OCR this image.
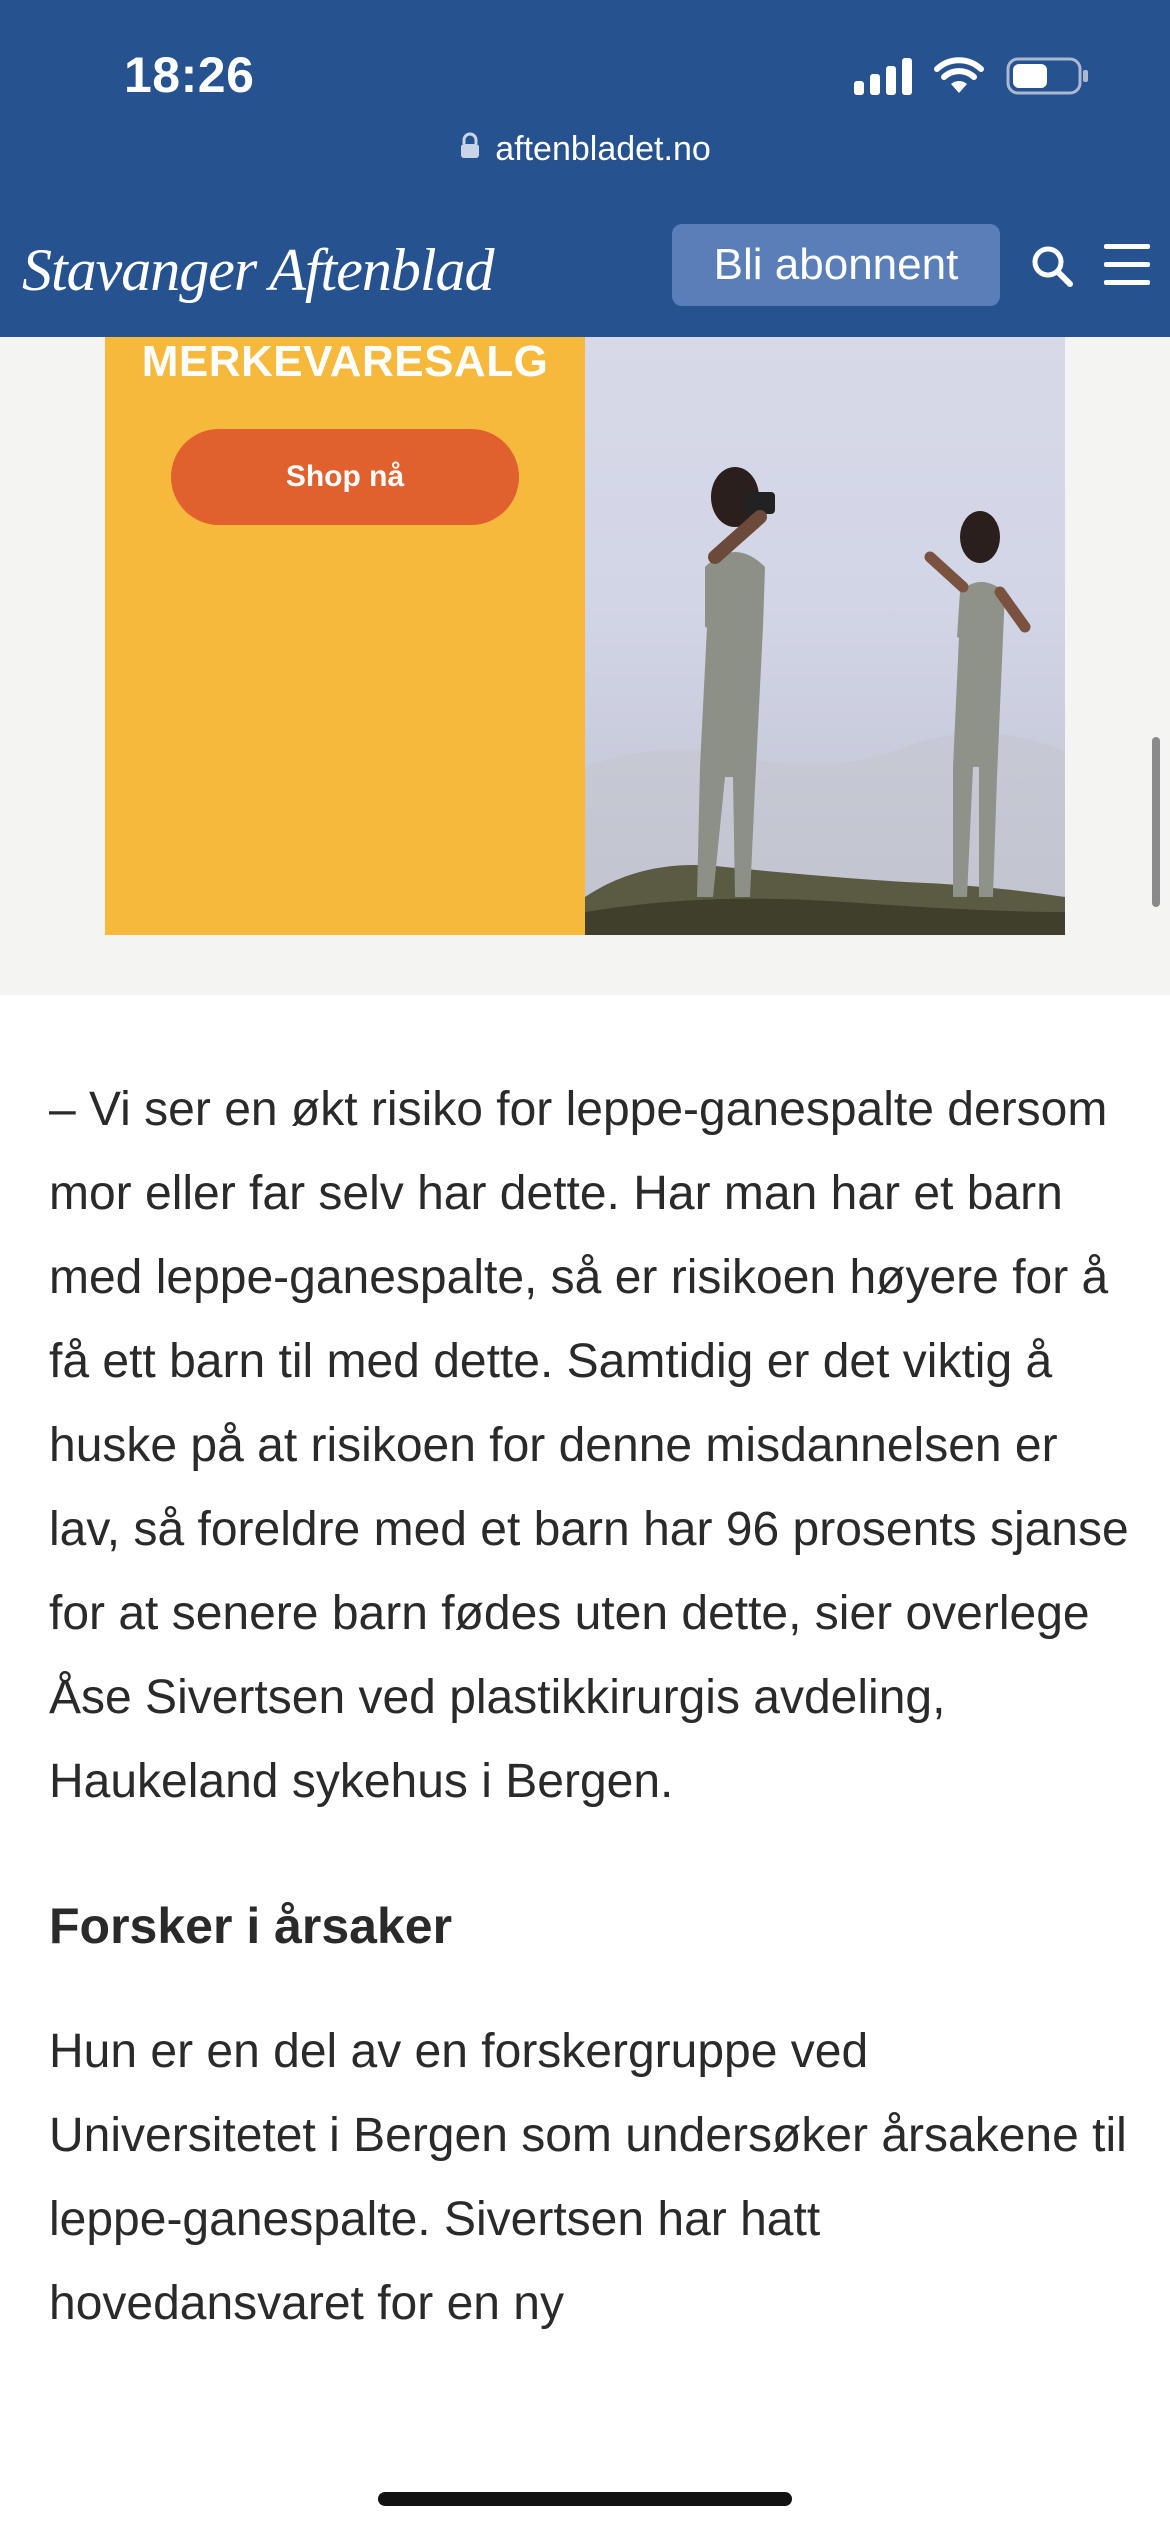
18:26
aftenbladet.no
Stavanger Aftenblad	Bli abonnent
MERKEVARESALG
Shop nå

– Vi ser en økt risiko for leppe-ganespalte dersom mor eller far selv har dette. Har man har et barn med leppe-ganespalte, så er risikoen høyere for å få ett barn til med dette. Samtidig er det viktig å huske på at risikoen for denne misdannelsen er lav, så foreldre med et barn har 96 prosents sjanse for at senere barn fødes uten dette, sier overlege Åse Sivertsen ved plastikkirurgis avdeling, Haukeland sykehus i Bergen.

Forsker i årsaker

Hun er en del av en forskergruppe ved Universitetet i Bergen som undersøker årsakene til leppe-ganespalte. Sivertsen har hatt hovedansvaret for en ny
